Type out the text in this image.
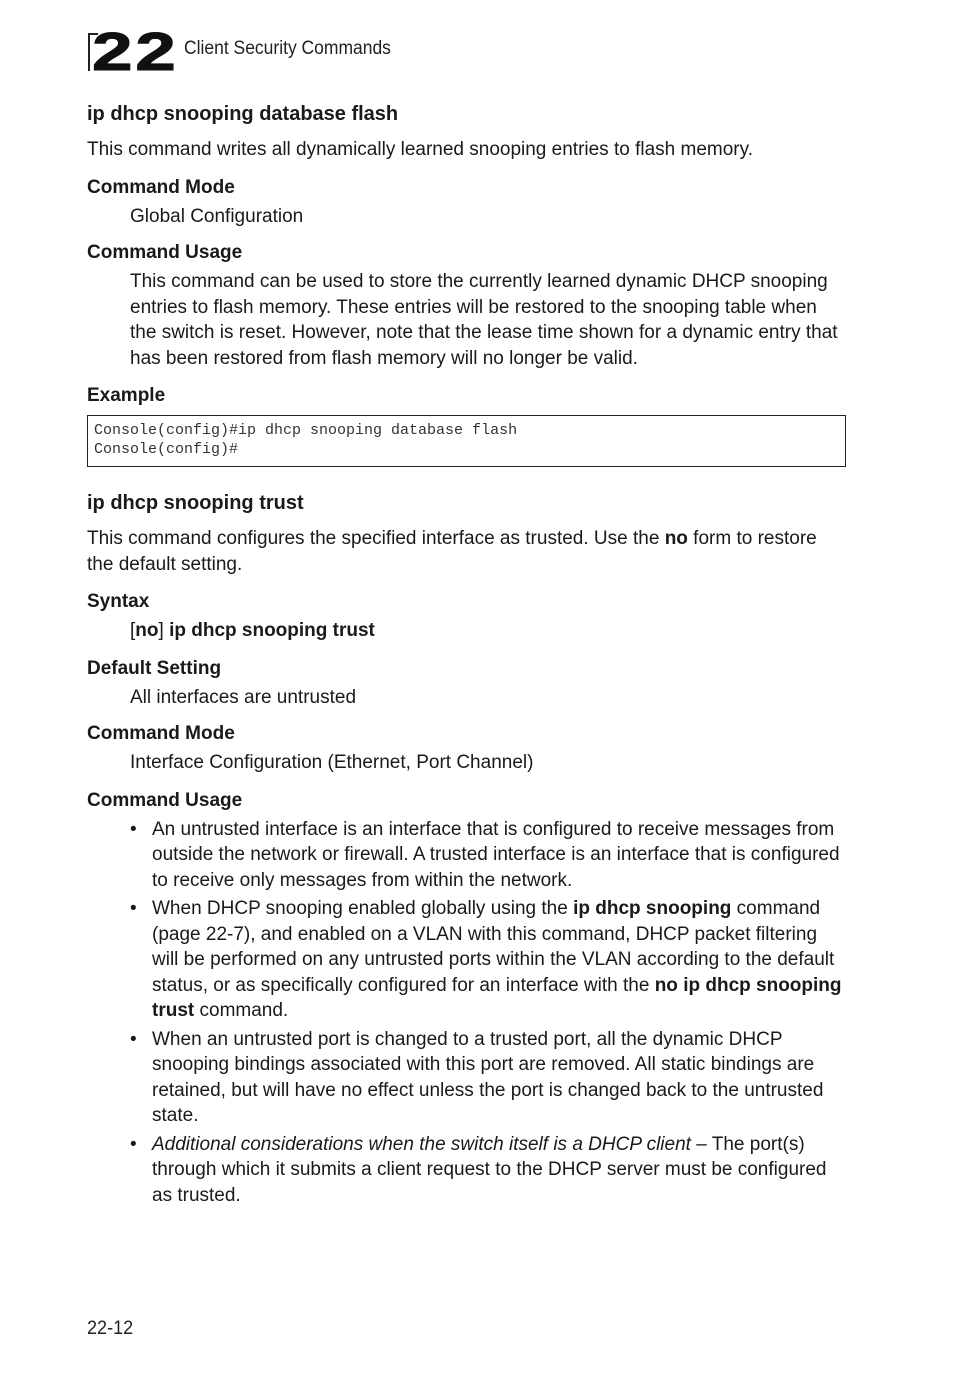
22 Client Security Commands
ip dhcp snooping database flash

This command writes all dynamically learned snooping entries to flash memory.

Command Mode

Global Configuration

Command Usage

This command can be used to store the currently learned dynamic DHCP snooping entries to flash memory. These entries will be restored to the snooping table when the switch is reset. However, note that the lease time shown for a dynamic entry that has been restored from flash memory will no longer be valid.

Example
Console(config)#ip dhcp snooping database flash
Console(config)#
ip dhcp snooping trust

This command configures the specified interface as trusted. Use the no form to restore the default setting.

Syntax

[no] ip dhcp snooping trust

Default Setting

All interfaces are untrusted

Command Mode

Interface Configuration (Ethernet, Port Channel)

Command Usage
• An untrusted interface is an interface that is configured to receive messages from outside the network or firewall. A trusted interface is an interface that is configured to receive only messages from within the network.
• When DHCP snooping enabled globally using the ip dhcp snooping command (page 22-7), and enabled on a VLAN with this command, DHCP packet filtering will be performed on any untrusted ports within the VLAN according to the default status, or as specifically configured for an interface with the no ip dhcp snooping trust command.
• When an untrusted port is changed to a trusted port, all the dynamic DHCP snooping bindings associated with this port are removed. All static bindings are retained, but will have no effect unless the port is changed back to the untrusted state.
• Additional considerations when the switch itself is a DHCP client – The port(s) through which it submits a client request to the DHCP server must be configured as trusted.
22-12
